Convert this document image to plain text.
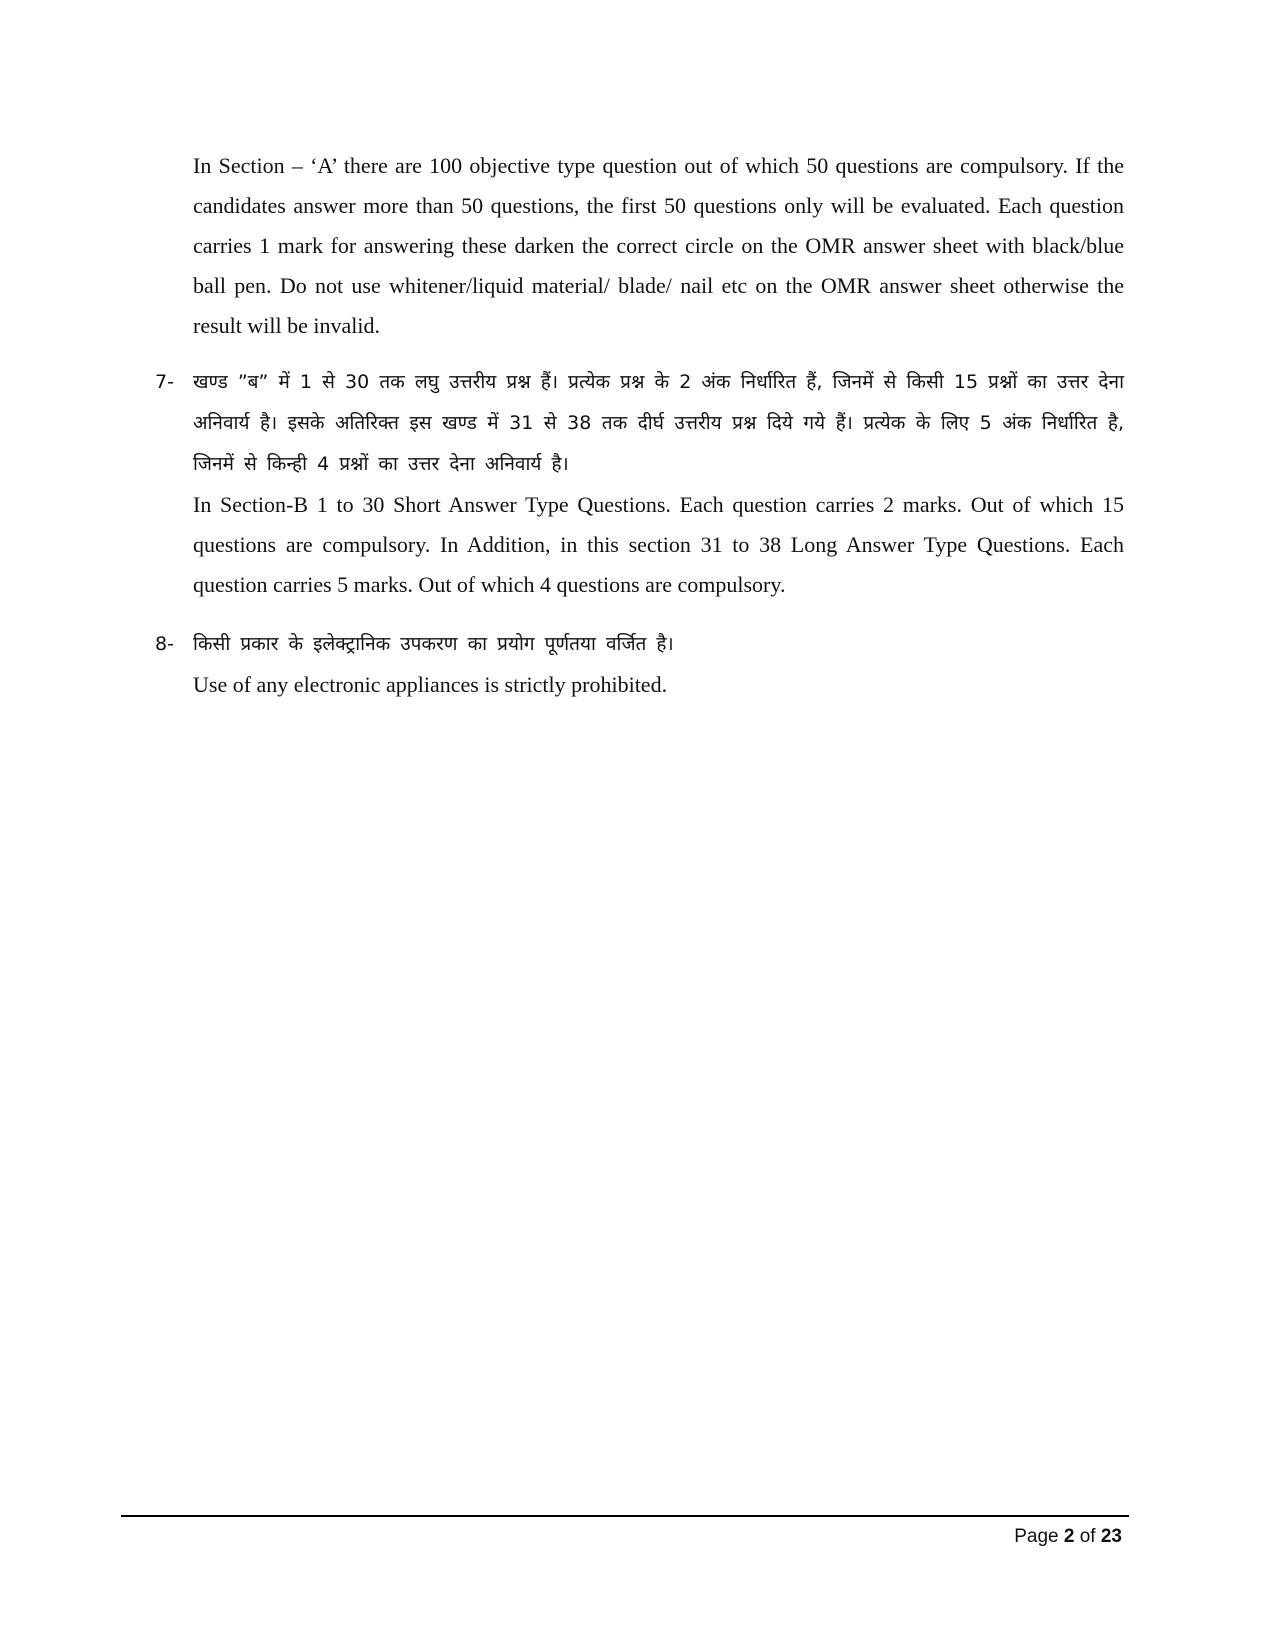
In Section – ‘A’ there are 100 objective type question out of which 50 questions are compulsory. If the candidates answer more than 50 questions, the first 50 questions only will be evaluated. Each question carries 1 mark for answering these darken the correct circle on the OMR answer sheet with black/blue ball pen. Do not use whitener/liquid material/ blade/ nail etc on the OMR answer sheet otherwise the result will be invalid.
7-	खण्ड ”ब” में 1 से 30 तक लघु उत्तरीय प्रश्न हैं। प्रत्येक प्रश्न के 2 अंक निर्धारित हैं, जिनमें से किसी 15 प्रश्नों का उत्तर देना अनिवार्य है। इसके अतिरिक्त इस खण्ड में 31 से 38 तक दीर्घ उत्तरीय प्रश्न दिये गये हैं। प्रत्येक के लिए 5 अंक निर्धारित है, जिनमें से किन्ही 4 प्रश्नों का उत्तर देना अनिवार्य है।
In Section-B 1 to 30 Short Answer Type Questions. Each question carries 2 marks. Out of which 15 questions are compulsory. In Addition, in this section 31 to 38 Long Answer Type Questions. Each question carries 5 marks. Out of which 4 questions are compulsory.
8-	किसी प्रकार के इलेक्ट्रानिक उपकरण का प्रयोग पूर्णतया वर्जित है।
Use of any electronic appliances is strictly prohibited.
Page 2 of 23
